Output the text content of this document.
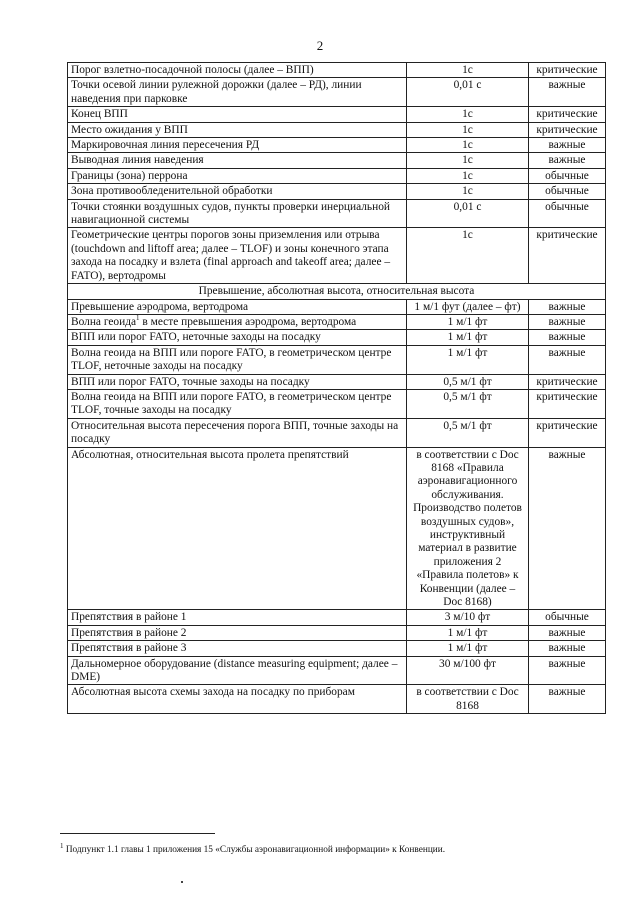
2
Порог взлетно-посадочной полосы (далее – ВПП)	1с	критические
Точки осевой линии рулежной дорожки (далее – РД), линии наведения при парковке	0,01 с	важные
Конец ВПП	1с	критические
Место ожидания у ВПП	1с	критические
Маркировочная линия пересечения РД	1с	важные
Выводная линия наведения	1с	важные
Границы (зона) перрона	1с	обычные
Зона противообледенительной обработки	1с	обычные
Точки стоянки воздушных судов, пункты проверки инерциальной навигационной системы	0,01 с	обычные
Геометрические центры порогов зоны приземления или отрыва (touchdown and liftoff area; далее – TLOF) и зоны конечного этапа захода на посадку и взлета (final approach and takeoff area; далее – FATO), вертодромы	1с	критические
Превышение, абсолютная высота, относительная высота		
Превышение аэродрома, вертодрома	1 м/1 фут (далее – фт)	важные
Волна геоида$^1$ в месте превышения аэродрома, вертодрома	1 м/1 фт	важные
ВПП или порог FATO, неточные заходы на посадку	1 м/1 фт	важные
Волна геоида на ВПП или пороге FATO, в геометрическом центре TLOF, неточные заходы на посадку	1 м/1 фт	важные
ВПП или порог FATO, точные заходы на посадку	0,5 м/1 фт	критические
Волна геоида на ВПП или пороге FATO, в геометрическом центре TLOF, точные заходы на посадку	0,5 м/1 фт	критические
Относительная высота пересечения порога ВПП, точные заходы на посадку	0,5 м/1 фт	критические
Абсолютная, относительная высота пролета препятствий	в соответствии с Doc 8168 «Правила аэронавигационного обслуживания. Производство полетов воздушных судов», инструктивный материал в развитие приложения 2 «Правила полетов» к Конвенции (далее – Doc 8168)	важные
Препятствия в районе 1	3 м/10 фт	обычные
Препятствия в районе 2	1 м/1 фт	важные
Препятствия в районе 3	1 м/1 фт	важные
Дальномерное оборудование (distance measuring equipment; далее – DME)	30 м/100 фт	важные
Абсолютная высота схемы захода на посадку по приборам	в соответствии с Doc 8168	важные
$^1$ Подпункт 1.1 главы 1 приложения 15 «Службы аэронавигационной информации» к Конвенции.
